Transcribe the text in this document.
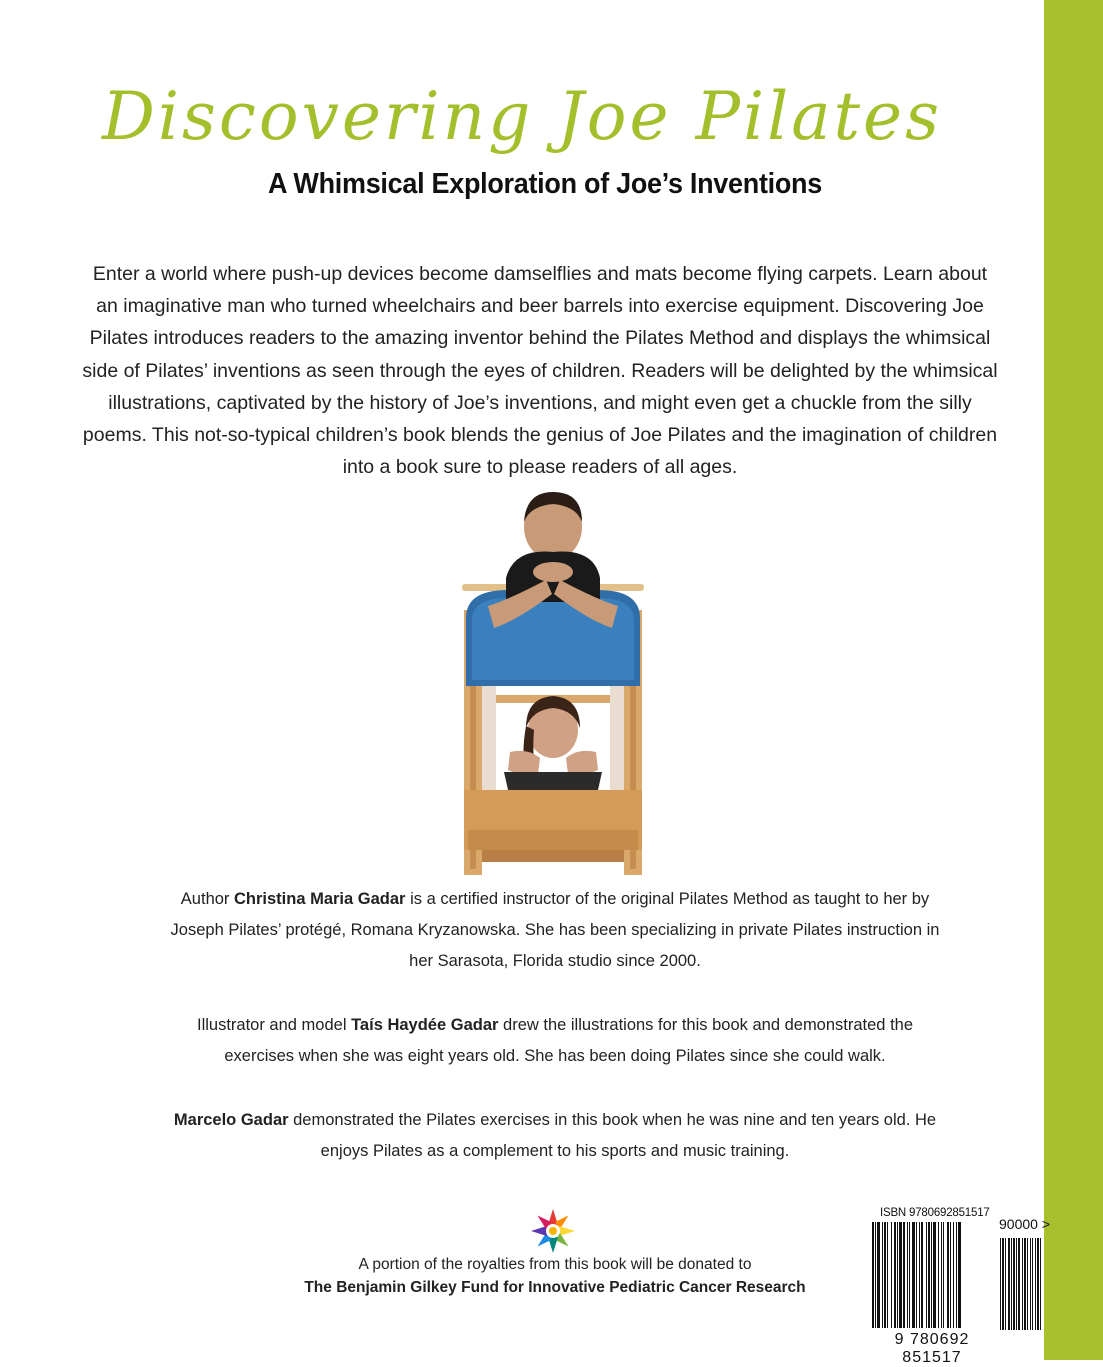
Discovering Joe Pilates
A Whimsical Exploration of Joe’s Inventions

Enter a world where push-up devices become damselflies and mats become flying carpets. Learn about an imaginative man who turned wheelchairs and beer barrels into exercise equipment. Discovering Joe Pilates introduces readers to the amazing inventor behind the Pilates Method and displays the whimsical side of Pilates’ inventions as seen through the eyes of children. Readers will be delighted by the whimsical illustrations, captivated by the history of Joe’s inventions, and might even get a chuckle from the silly poems. This not-so-typical children’s book blends the genius of Joe Pilates and the imagination of children into a book sure to please readers of all ages.

Author Christina Maria Gadar is a certified instructor of the original Pilates Method as taught to her by Joseph Pilates’ protégé, Romana Kryzanowska. She has been specializing in private Pilates instruction in her Sarasota, Florida studio since 2000.

Illustrator and model Taís Haydée Gadar drew the illustrations for this book and demonstrated the exercises when she was eight years old. She has been doing Pilates since she could walk.

Marcelo Gadar demonstrated the Pilates exercises in this book when he was nine and ten years old. He enjoys Pilates as a complement to his sports and music training.

A portion of the royalties from this book will be donated to
The Benjamin Gilkey Fund for Innovative Pediatric Cancer Research
ISBN 9780692851517
90000 >
9 780692 851517
